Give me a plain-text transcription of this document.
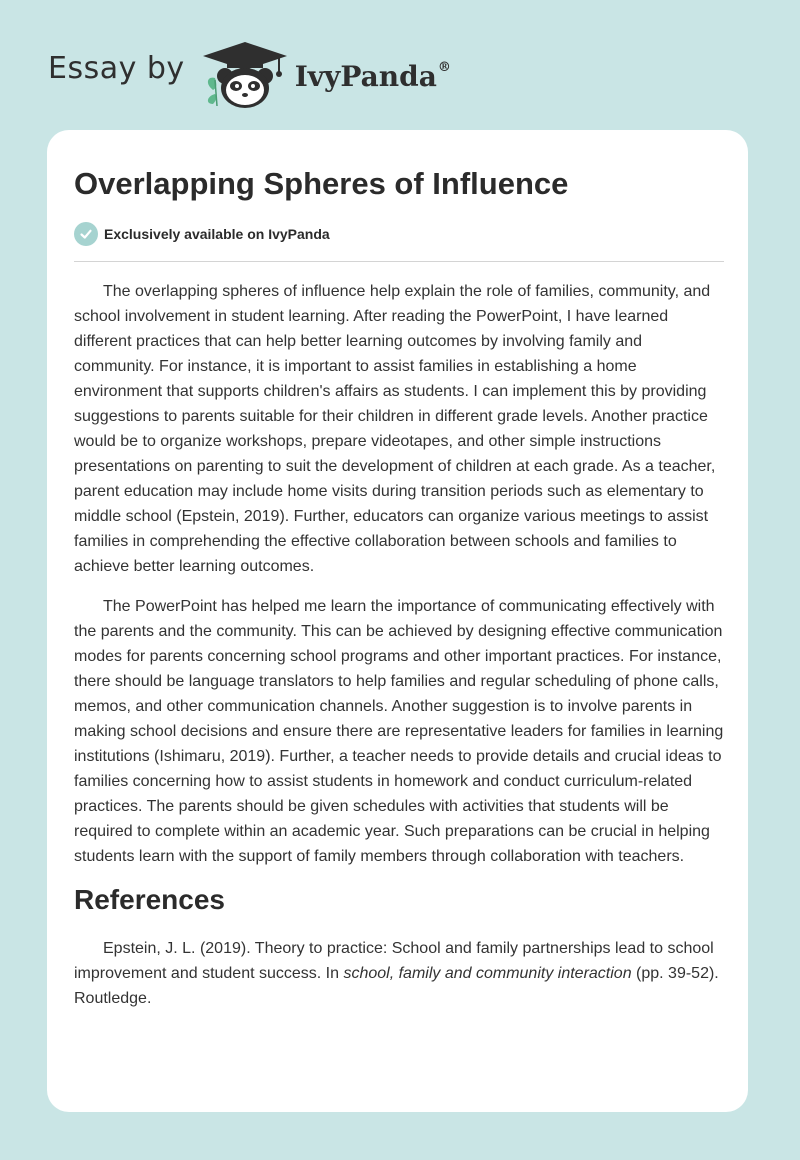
Essay by	IvyPanda®
Overlapping Spheres of Influence
Exclusively available on IvyPanda

The overlapping spheres of influence help explain the role of families, community, and school involvement in student learning. After reading the PowerPoint, I have learned different practices that can help better learning outcomes by involving family and community. For instance, it is important to assist families in establishing a home environment that supports children's affairs as students. I can implement this by providing suggestions to parents suitable for their children in different grade levels. Another practice would be to organize workshops, prepare videotapes, and other simple instructions presentations on parenting to suit the development of children at each grade. As a teacher, parent education may include home visits during transition periods such as elementary to middle school (Epstein, 2019). Further, educators can organize various meetings to assist families in comprehending the effective collaboration between schools and families to achieve better learning outcomes.

The PowerPoint has helped me learn the importance of communicating effectively with the parents and the community. This can be achieved by designing effective communication modes for parents concerning school programs and other important practices. For instance, there should be language translators to help families and regular scheduling of phone calls, memos, and other communication channels. Another suggestion is to involve parents in making school decisions and ensure there are representative leaders for families in learning institutions (Ishimaru, 2019). Further, a teacher needs to provide details and crucial ideas to families concerning how to assist students in homework and conduct curriculum-related practices. The parents should be given schedules with activities that students will be required to complete within an academic year. Such preparations can be crucial in helping students learn with the support of family members through collaboration with teachers.

References

Epstein, J. L. (2019). Theory to practice: School and family partnerships lead to school improvement and student success. In school, family and community interaction (pp. 39-52). Routledge.
